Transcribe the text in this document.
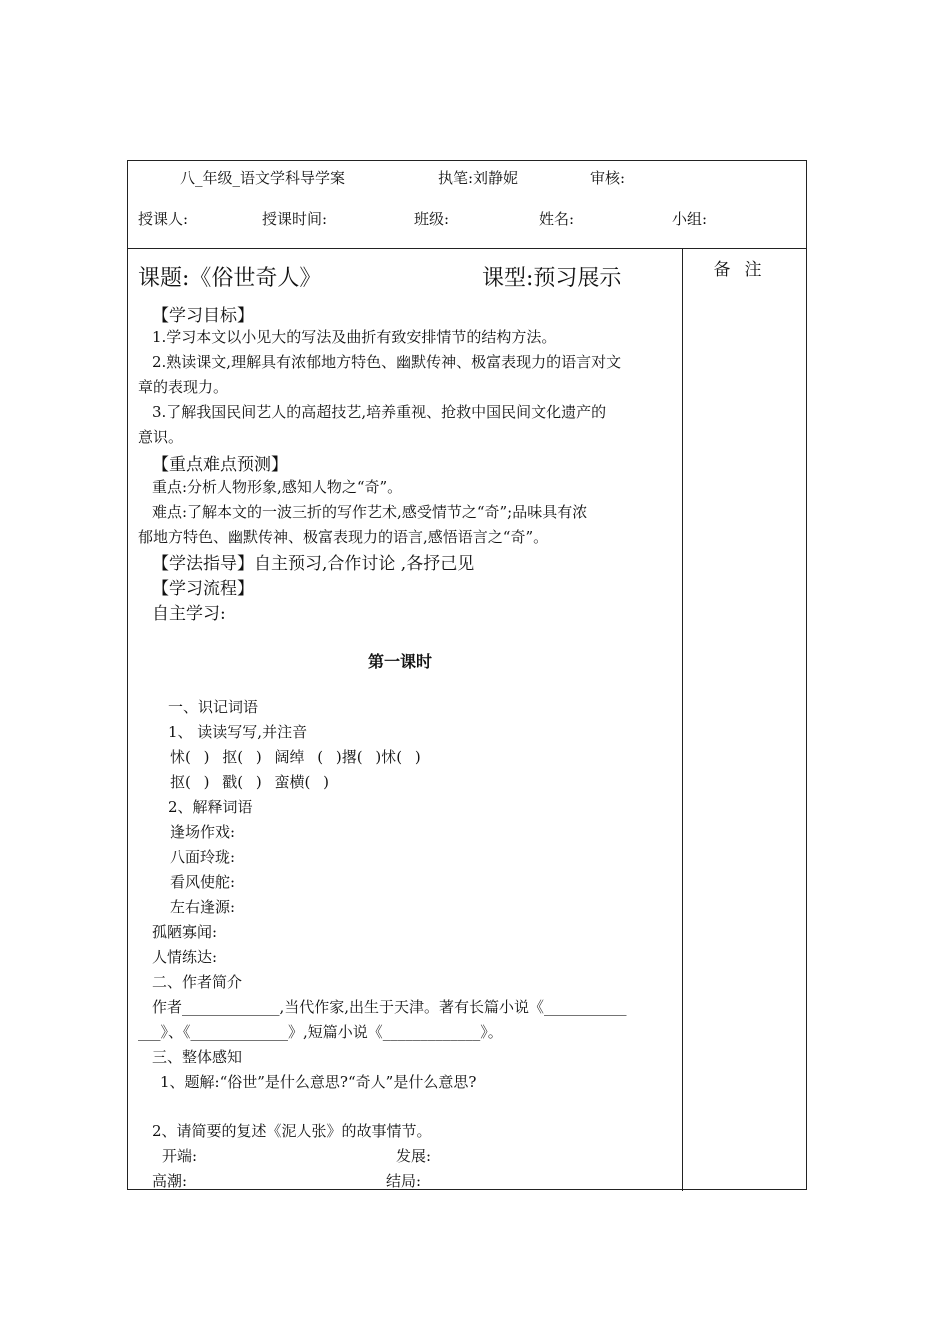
八_年级_语文学科导学案	执笔:刘静妮	审核:
授课人:	授课时间:	班级:	姓名:	小组:
课题:《俗世奇人》	课型:预习展示
【学习目标】
1.学习本文以小见大的写法及曲折有致安排情节的结构方法。
2.熟读课文,理解具有浓郁地方特色、幽默传神、极富表现力的语言对文
章的表现力。
3.了解我国民间艺人的高超技艺,培养重视、抢救中国民间文化遗产的
意识。
【重点难点预测】
重点:分析人物形象,感知人物之“奇”。
难点:了解本文的一波三折的写作艺术,感受情节之“奇”;品味具有浓
郁地方特色、幽默传神、极富表现力的语言,感悟语言之“奇”。
【学法指导】自主预习,合作讨论 ,各抒己见
【学习流程】
自主学习:
第一课时
一、识记词语
1、 读读写写,并注音
怵( ) 抠( ) 阔绰 ( )撂( )怵( )
抠( ) 戳( ) 蛮横( )
2、解释词语
逢场作戏:
八面玲珑:
看风使舵:
左右逢源:
孤陋寡闻:
人情练达:
二、作者简介
作者_____________,当代作家,出生于天津。著有长篇小说《___________
___》、《_____________》,短篇小说《_____________》。
三、整体感知
1、题解:“俗世”是什么意思?“奇人”是什么意思?
2、请简要的复述《泥人张》的故事情节。
开端:	发展:
高潮:	结局:
备注
